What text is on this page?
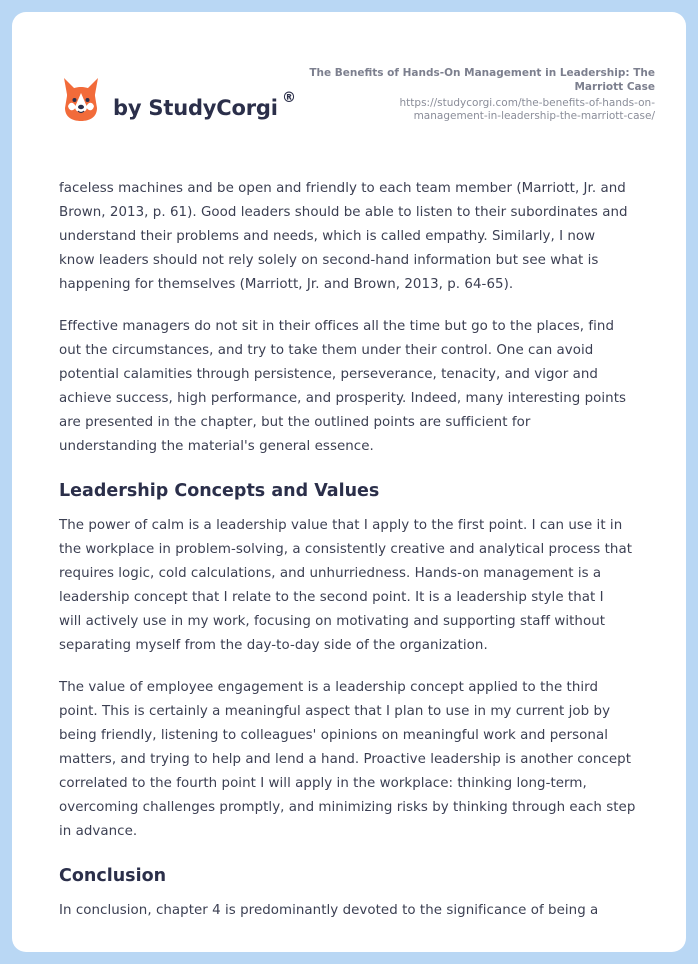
by StudyCorgi ®
The Benefits of Hands-On Management in Leadership: The
Marriott Case
https://studycorgi.com/the-benefits-of-hands-on-
management-in-leadership-the-marriott-case/

faceless machines and be open and friendly to each team member (Marriott, Jr. and
Brown, 2013, p. 61). Good leaders should be able to listen to their subordinates and
understand their problems and needs, which is called empathy. Similarly, I now
know leaders should not rely solely on second-hand information but see what is
happening for themselves (Marriott, Jr. and Brown, 2013, p. 64-65).

Effective managers do not sit in their offices all the time but go to the places, find
out the circumstances, and try to take them under their control. One can avoid
potential calamities through persistence, perseverance, tenacity, and vigor and
achieve success, high performance, and prosperity. Indeed, many interesting points
are presented in the chapter, but the outlined points are sufficient for
understanding the material's general essence.

Leadership Concepts and Values

The power of calm is a leadership value that I apply to the first point. I can use it in
the workplace in problem-solving, a consistently creative and analytical process that
requires logic, cold calculations, and unhurriedness. Hands-on management is a
leadership concept that I relate to the second point. It is a leadership style that I
will actively use in my work, focusing on motivating and supporting staff without
separating myself from the day-to-day side of the organization.

The value of employee engagement is a leadership concept applied to the third
point. This is certainly a meaningful aspect that I plan to use in my current job by
being friendly, listening to colleagues' opinions on meaningful work and personal
matters, and trying to help and lend a hand. Proactive leadership is another concept
correlated to the fourth point I will apply in the workplace: thinking long-term,
overcoming challenges promptly, and minimizing risks by thinking through each step
in advance.

Conclusion

In conclusion, chapter 4 is predominantly devoted to the significance of being a
